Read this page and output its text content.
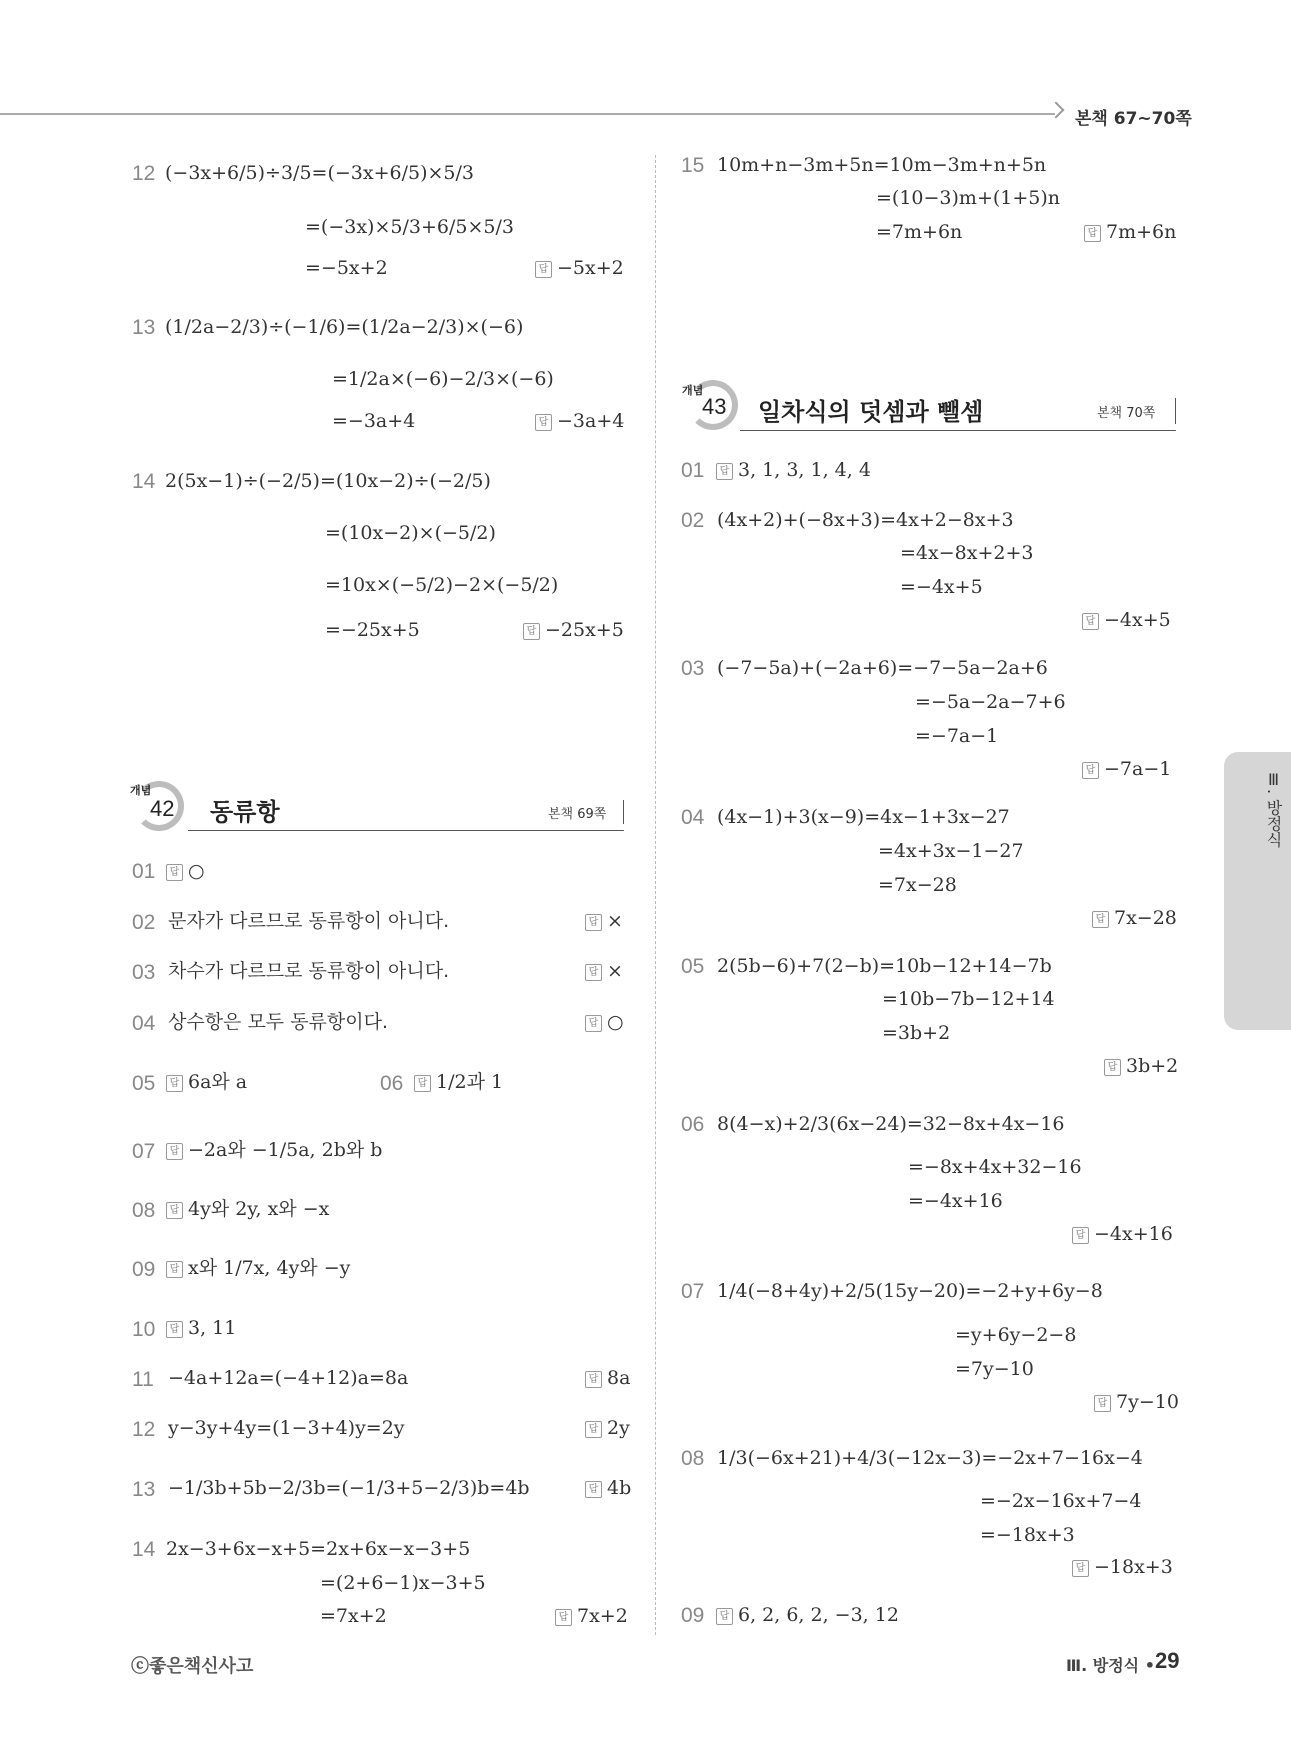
본책 67~70쪽
12 (−3x+6/5)÷3/5=(−3x+6/5)×5/3
=(−3x)×5/3+6/5×5/3
=−5x+2	답 −5x+2
13 (1/2a−2/3)÷(−1/6)=(1/2a−2/3)×(−6)
=1/2a×(−6)−2/3×(−6)
=−3a+4	답 −3a+4
14 2(5x−1)÷(−2/5)=(10x−2)÷(−2/5)
=(10x−2)×(−5/2)
=10x×(−5/2)−2×(−5/2)
=−25x+5	답 −25x+5
개념
42 동류항	본책 69쪽
01	답 ○
02 문자가 다르므로 동류항이 아니다.	답 ×
03 차수가 다르므로 동류항이 아니다.	답 ×
04 상수항은 모두 동류항이다.	답 ○
05	답 6a와 a	06	답 1/2과 1
07	답 −2a와 −1/5a, 2b와 b
08	답 4y와 2y, x와 −x
09	답 x와 1/7x, 4y와 −y
10	답 3, 11
11 −4a+12a=(−4+12)a=8a	답 8a
12 y−3y+4y=(1−3+4)y=2y	답 2y
13 −1/3b+5b−2/3b=(−1/3+5−2/3)b=4b	답 4b
14 2x−3+6x−x+5=2x+6x−x−3+5
=(2+6−1)x−3+5
=7x+2	답 7x+2
15 10m+n−3m+5n=10m−3m+n+5n
=(10−3)m+(1+5)n
=7m+6n	답 7m+6n
개념
43 일차식의 덧셈과 뺄셈	본책 70쪽
01	답 3, 1, 3, 1, 4, 4
02 (4x+2)+(−8x+3)=4x+2−8x+3
=4x−8x+2+3
=−4x+5
답 −4x+5
03 (−7−5a)+(−2a+6)=−7−5a−2a+6
=−5a−2a−7+6
=−7a−1
답 −7a−1
04 (4x−1)+3(x−9)=4x−1+3x−27
=4x+3x−1−27
=7x−28
답 7x−28
05 2(5b−6)+7(2−b)=10b−12+14−7b
=10b−7b−12+14
=3b+2
답 3b+2
06 8(4−x)+2/3(6x−24)=32−8x+4x−16
=−8x+4x+32−16
=−4x+16
답 −4x+16
07 1/4(−8+4y)+2/5(15y−20)=−2+y+6y−8
=y+6y−2−8
=7y−10
답 7y−10
08 1/3(−6x+21)+4/3(−12x−3)=−2x+7−16x−4
=−2x−16x+7−4
=−18x+3
답 −18x+3
09	답 6, 2, 6, 2, −3, 12
Ⅲ. 방정식
ⓒ좋은책신사고	Ⅲ. 방정식 • 29
